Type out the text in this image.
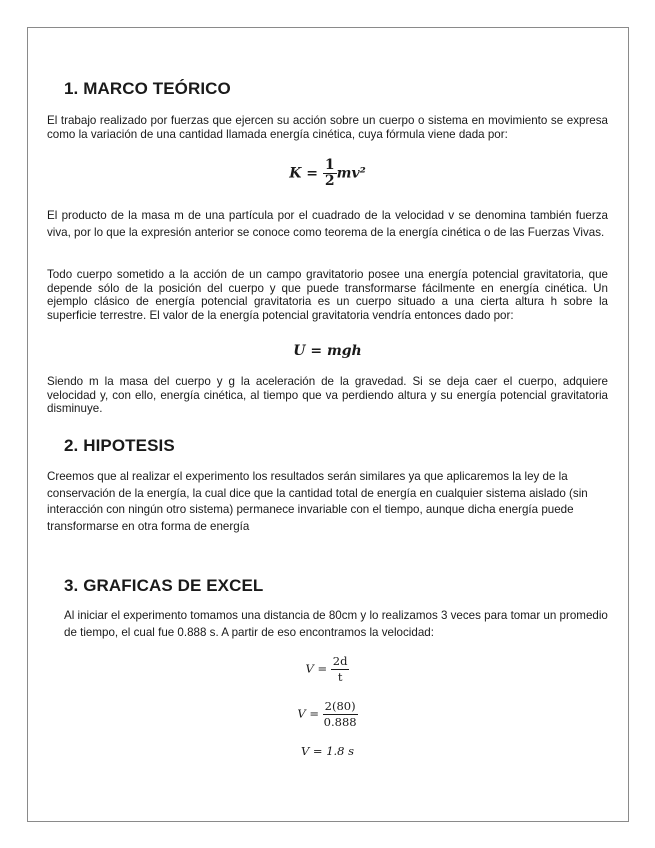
1. MARCO TEÓRICO

El trabajo realizado por fuerzas que ejercen su acción sobre un cuerpo o sistema en movimiento se expresa como la variación de una cantidad llamada energía cinética, cuya fórmula viene dada por:

$K = \frac{1}{2} mv^2$

El producto de la masa m de una partícula por el cuadrado de la velocidad v se denomina también fuerza viva, por lo que la expresión anterior se conoce como teorema de la energía cinética o de las Fuerzas Vivas.

Todo cuerpo sometido a la acción de un campo gravitatorio posee una energía potencial gravitatoria, que depende sólo de la posición del cuerpo y que puede transformarse fácilmente en energía cinética. Un ejemplo clásico de energía potencial gravitatoria es un cuerpo situado a una cierta altura h sobre la superficie terrestre. El valor de la energía potencial gravitatoria vendría entonces dado por:

U = mgh

Siendo m la masa del cuerpo y g la aceleración de la gravedad. Si se deja caer el cuerpo, adquiere velocidad y, con ello, energía cinética, al tiempo que va perdiendo altura y su energía potencial gravitatoria disminuye.

2. HIPOTESIS

Creemos que al realizar el experimento los resultados serán similares ya que aplicaremos la ley de la conservación de la energía, la cual dice que la cantidad total de energía en cualquier sistema aislado (sin interacción con ningún otro sistema) permanece invariable con el tiempo, aunque dicha energía puede transformarse en otra forma de energía

3. GRAFICAS DE EXCEL

Al iniciar el experimento tomamos una distancia de 80cm y lo realizamos 3 veces para tomar un promedio de tiempo, el cual fue 0.888 s. A partir de eso encontramos la velocidad:

$V = \frac{2d}{t}$
$V = \frac{2(80)}{0.888}$
V = 1.8 s
